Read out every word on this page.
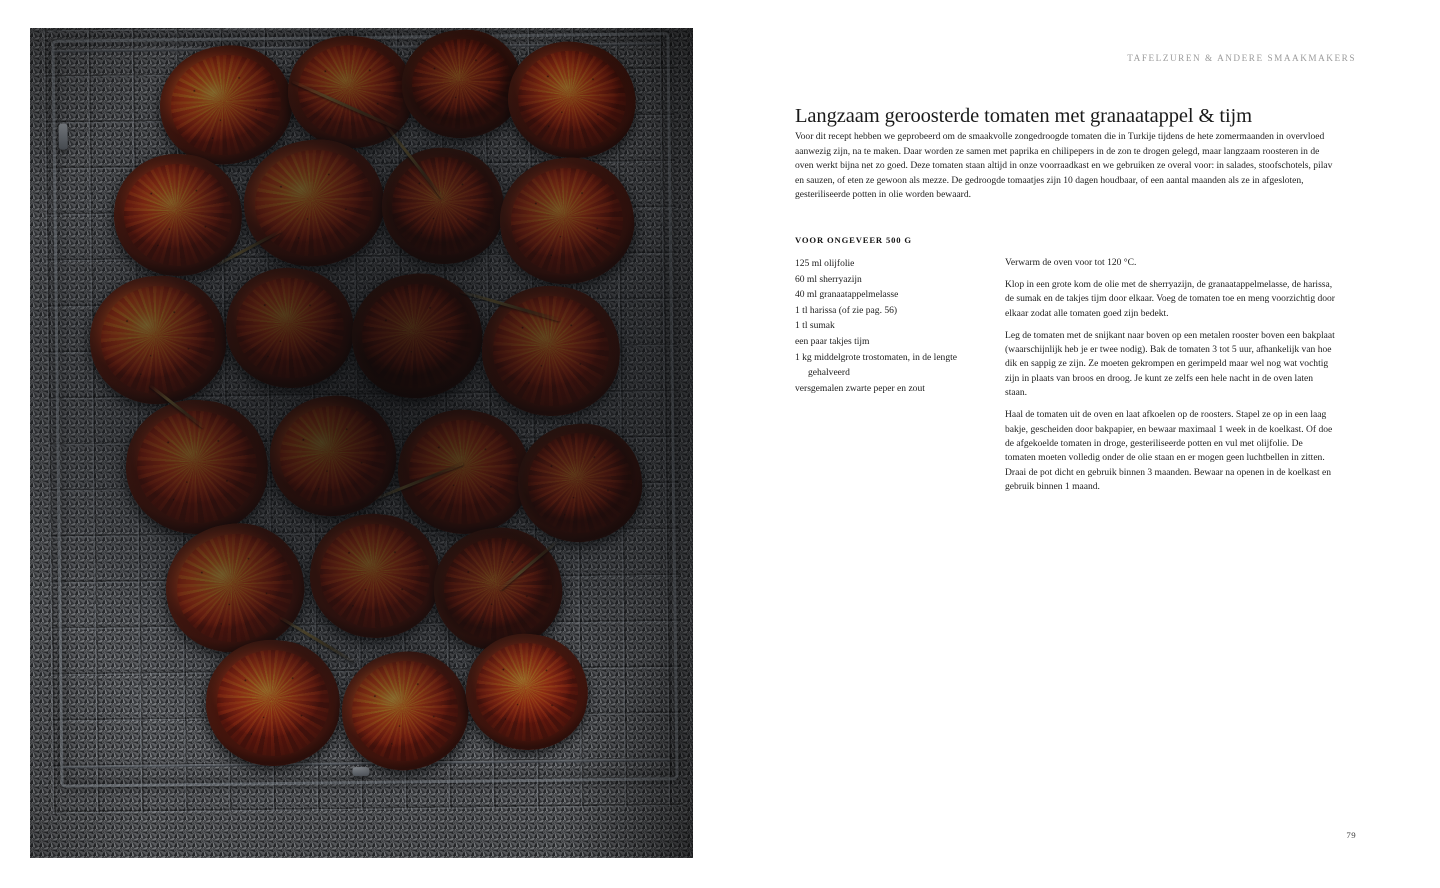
TAFELZUREN & ANDERE SMAAKMAKERS
Langzaam geroosterde tomaten met granaatappel & tijm
Voor dit recept hebben we geprobeerd om de smaakvolle zongedroogde tomaten die in Turkije tijdens de hete zomermaanden in overvloed aanwezig zijn, na te maken. Daar worden ze samen met paprika en chilipepers in de zon te drogen gelegd, maar langzaam roosteren in de oven werkt bijna net zo goed. Deze tomaten staan altijd in onze voorraadkast en we gebruiken ze overal voor: in salades, stoofschotels, pilav en sauzen, of eten ze gewoon als mezze. De gedroogde tomaatjes zijn 10 dagen houdbaar, of een aantal maanden als ze in afgesloten, gesteriliseerde potten in olie worden bewaard.
VOOR ONGEVEER 500 G
125 ml olijfolie
60 ml sherryazijn
40 ml granaatappelmelasse
1 tl harissa (of zie pag. 56)
1 tl sumak
een paar takjes tijm
1 kg middelgrote trostomaten, in de lengte gehalveerd
versgemalen zwarte peper en zout

Verwarm de oven voor tot 120 °C.

Klop in een grote kom de olie met de sherryazijn, de granaatappelmelasse, de harissa, de sumak en de takjes tijm door elkaar. Voeg de tomaten toe en meng voorzichtig door elkaar zodat alle tomaten goed zijn bedekt.

Leg de tomaten met de snijkant naar boven op een metalen rooster boven een bakplaat (waarschijnlijk heb je er twee nodig). Bak de tomaten 3 tot 5 uur, afhankelijk van hoe dik en sappig ze zijn. Ze moeten gekrompen en gerimpeld maar wel nog wat vochtig zijn in plaats van broos en droog. Je kunt ze zelfs een hele nacht in de oven laten staan.

Haal de tomaten uit de oven en laat afkoelen op de roosters. Stapel ze op in een laag bakje, gescheiden door bakpapier, en bewaar maximaal 1 week in de koelkast. Of doe de afgekoelde tomaten in droge, gesteriliseerde potten en vul met olijfolie. De tomaten moeten volledig onder de olie staan en er mogen geen luchtbellen in zitten. Draai de pot dicht en gebruik binnen 3 maanden. Bewaar na openen in de koelkast en gebruik binnen 1 maand.

79
